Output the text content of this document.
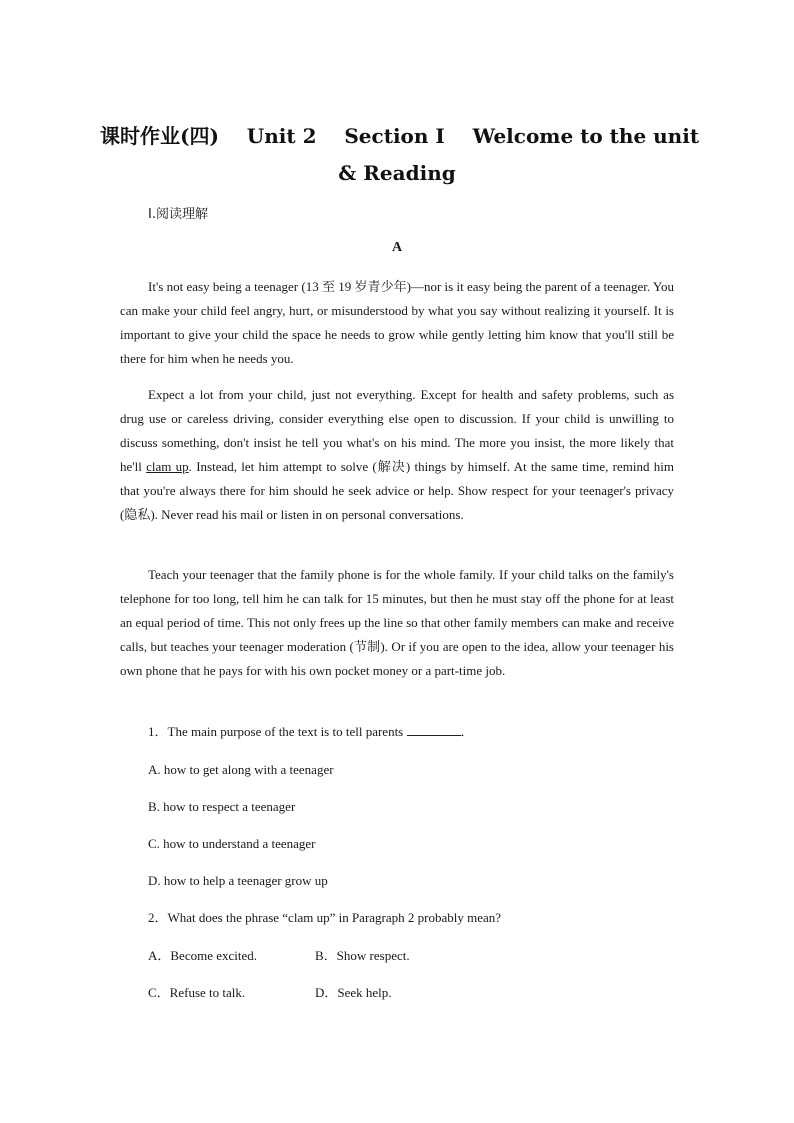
课时作业(四) Unit 2 Section Ⅰ Welcome to the unit
& Reading
Ⅰ.阅读理解
A

It's not easy being a teenager (13 至 19 岁青少年)—nor is it easy being the parent of a teenager. You can make your child feel angry, hurt, or misunderstood by what you say without realizing it yourself. It is important to give your child the space he needs to grow while gently letting him know that you'll still be there for him when he needs you.

Expect a lot from your child, just not everything. Except for health and safety problems, such as drug use or careless driving, consider everything else open to discussion. If your child is unwilling to discuss something, don't insist he tell you what's on his mind. The more you insist, the more likely that he'll clam up. Instead, let him attempt to solve (解决) things by himself. At the same time, remind him that you're always there for him should he seek advice or help. Show respect for your teenager's privacy (隐私). Never read his mail or listen in on personal conversations.

Teach your teenager that the family phone is for the whole family. If your child talks on the family's telephone for too long, tell him he can talk for 15 minutes, but then he must stay off the phone for at least an equal period of time. This not only frees up the line so that other family members can make and receive calls, but teaches your teenager moderation (节制). Or if you are open to the idea, allow your teenager his own phone that he pays for with his own pocket money or a part-time job.

1．The main purpose of the text is to tell parents	．
A. how to get along with a teenager
B. how to respect a teenager
C. how to understand a teenager
D. how to help a teenager grow up
2．What does the phrase “clam up” in Paragraph 2 probably mean?
A．Become excited.	B．Show respect.
C．Refuse to talk.	D．Seek help.
